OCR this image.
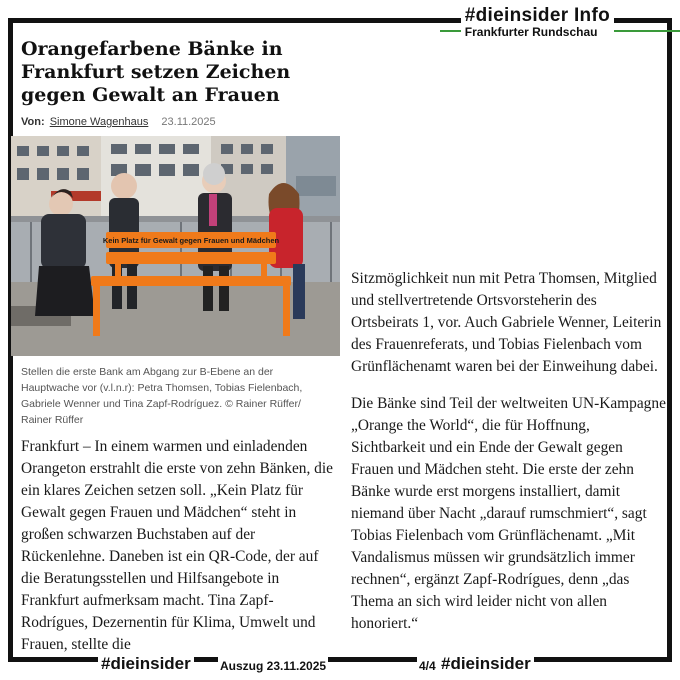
#dieinsider Info
Frankfurter Rundschau
Orangefarbene Bänke in Frankfurt setzen Zeichen gegen Gewalt an Frauen
Von: Simone Wagenhaus 23.11.2025
Kein Platz für Gewalt gegen Frauen und Mädchen

Stellen die erste Bank am Abgang zur B-Ebene an der Hauptwache vor (v.l.n.r): Petra Thomsen, Tobias Fielenbach, Gabriele Wenner und Tina Zapf-Rodríguez. © Rainer Rüffer/ Rainer Rüffer

Frankfurt – In einem warmen und einladenden Orangeton erstrahlt die erste von zehn Bänken, die ein klares Zeichen setzen soll. „Kein Platz für Gewalt gegen Frauen und Mädchen“ steht in großen schwarzen Buchstaben auf der Rückenlehne. Daneben ist ein QR-Code, der auf die Beratungsstellen und Hilfsangebote in Frankfurt aufmerksam macht. Tina Zapf-Rodrígues, Dezernentin für Klima, Umwelt und Frauen, stellte die

Sitzmöglichkeit nun mit Petra Thomsen, Mitglied und stellvertretende Ortsvorsteherin des Ortsbeirats 1, vor. Auch Gabriele Wenner, Leiterin des Frauenreferats, und Tobias Fielenbach vom Grünflächenamt waren bei der Einweihung dabei.

Die Bänke sind Teil der weltweiten UN-Kampagne „Orange the World“, die für Hoffnung, Sichtbarkeit und ein Ende der Gewalt gegen Frauen und Mädchen steht. Die erste der zehn Bänke wurde erst morgens installiert, damit niemand über Nacht „darauf rumschmiert“, sagt Tobias Fielenbach vom Grünflächenamt. „Mit Vandalismus müssen wir grundsätzlich immer rechnen“, ergänzt Zapf-Rodrígues, denn „das Thema an sich wird leider nicht von allen honoriert.“

#dieinsider Auszug 23.11.2025	4/4 #dieinsider
